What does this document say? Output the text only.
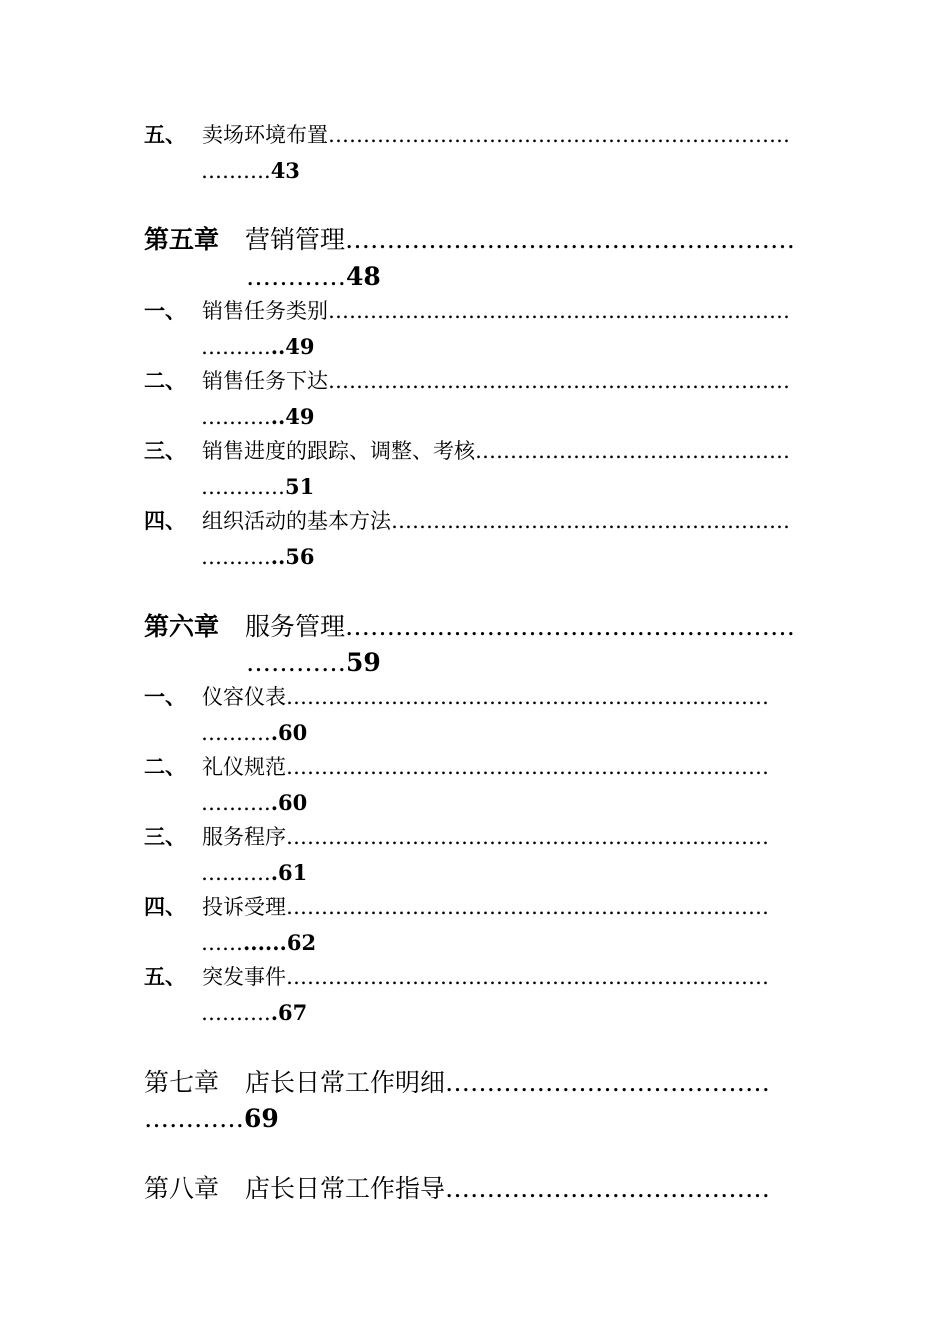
五、 卖场环境布置…………………………………………………………
……….43
第五章 营销管理………………………………………………
…………48
一、 销售任务类别…………………………………………………………
………...49
二、 销售任务下达…………………………………………………………
………...49
三、 销售进度的跟踪、调整、考核………………………………………
…………51
四、 组织活动的基本方法…………………………………………………
………...56
第六章 服务管理………………………………………………
…………59
一、 仪容仪表……………………………………………………………
………..60
二、 礼仪规范……………………………………………………………
………..60
三、 服务程序……………………………………………………………
………..61
四、 投诉受理……………………………………………………………
……......62
五、 突发事件……………………………………………………………
………..67
第七章 店长日常工作明细…………………………………
…………69
第八章 店长日常工作指导…………………………………
